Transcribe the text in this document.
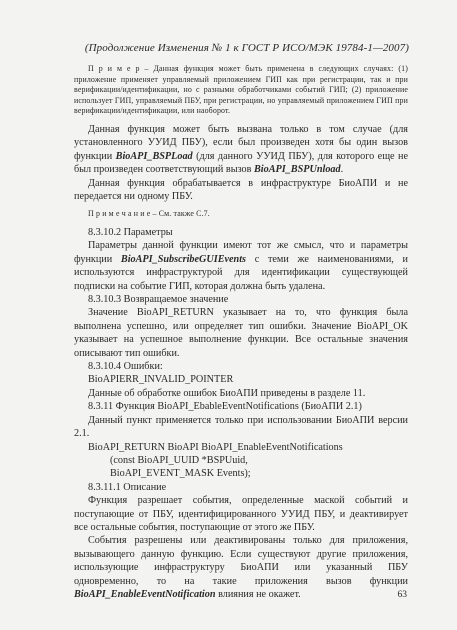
(Продолжение Изменения № 1 к ГОСТ Р ИСО/МЭК 19784-1—2007)

П р и м е р – Данная функция может быть применена в следующих случаях: (1) приложение применяет управляемый приложением ГИП как при регистрации, так и при верификации/идентификации, но с разными обработчиками событий ГИП; (2) приложение использует ГИП, управляемый ПБУ, при регистрации, но управляемый приложением ГИП при верификации/идентификации, или наоборот.

Данная функция может быть вызвана только в том случае (для установленного УУИД ПБУ), если был произведен хотя бы один вызов функции BioAPI_BSPLoad (для данного УУИД ПБУ), для которого еще не был произведен соответствующий вызов BioAPI_BSPUnload.

Данная функция обрабатывается в инфраструктуре БиоАПИ и не передается ни одному ПБУ.

П р и м е ч а н и е – См. также С.7.

8.3.10.2 Параметры

Параметры данной функции имеют тот же смысл, что и параметры функции BioAPI_SubscribeGUIEvents с теми же наименованиями, и используются инфраструктурой для идентификации существующей подписки на событие ГИП, которая должна быть удалена.

8.3.10.3 Возвращаемое значение

Значение BioAPI_RETURN указывает на то, что функция была выполнена успешно, или определяет тип ошибки. Значение BioAPI_OK указывает на успешное выполнение функции. Все остальные значения описывают тип ошибки.

8.3.10.4 Ошибки:

BioAPIERR_INVALID_POINTER

Данные об обработке ошибок БиоАПИ приведены в разделе 11.

8.3.11 Функция BioAPI_EbableEventNotifications (БиоАПИ 2.1)

Данный пункт применяется только при использовании БиоАПИ версии 2.1.

BioAPI_RETURN BioAPI BioAPI_EnableEventNotifications

(const BioAPI_UUID *BSPUuid,

BioAPI_EVENT_MASK Events);

8.3.11.1 Описание

Функция разрешает события, определенные маской событий и поступающие от ПБУ, идентифицированного УУИД ПБУ, и деактивирует все остальные события, поступающие от этого же ПБУ.

События разрешены или деактивированы только для приложения, вызывающего данную функцию. Если существуют другие приложения, использующие инфраструктуру БиоАПИ или указанный ПБУ одновременно, то на такие приложения вызов функции BioAPI_EnableEventNotification влияния не окажет.	63
